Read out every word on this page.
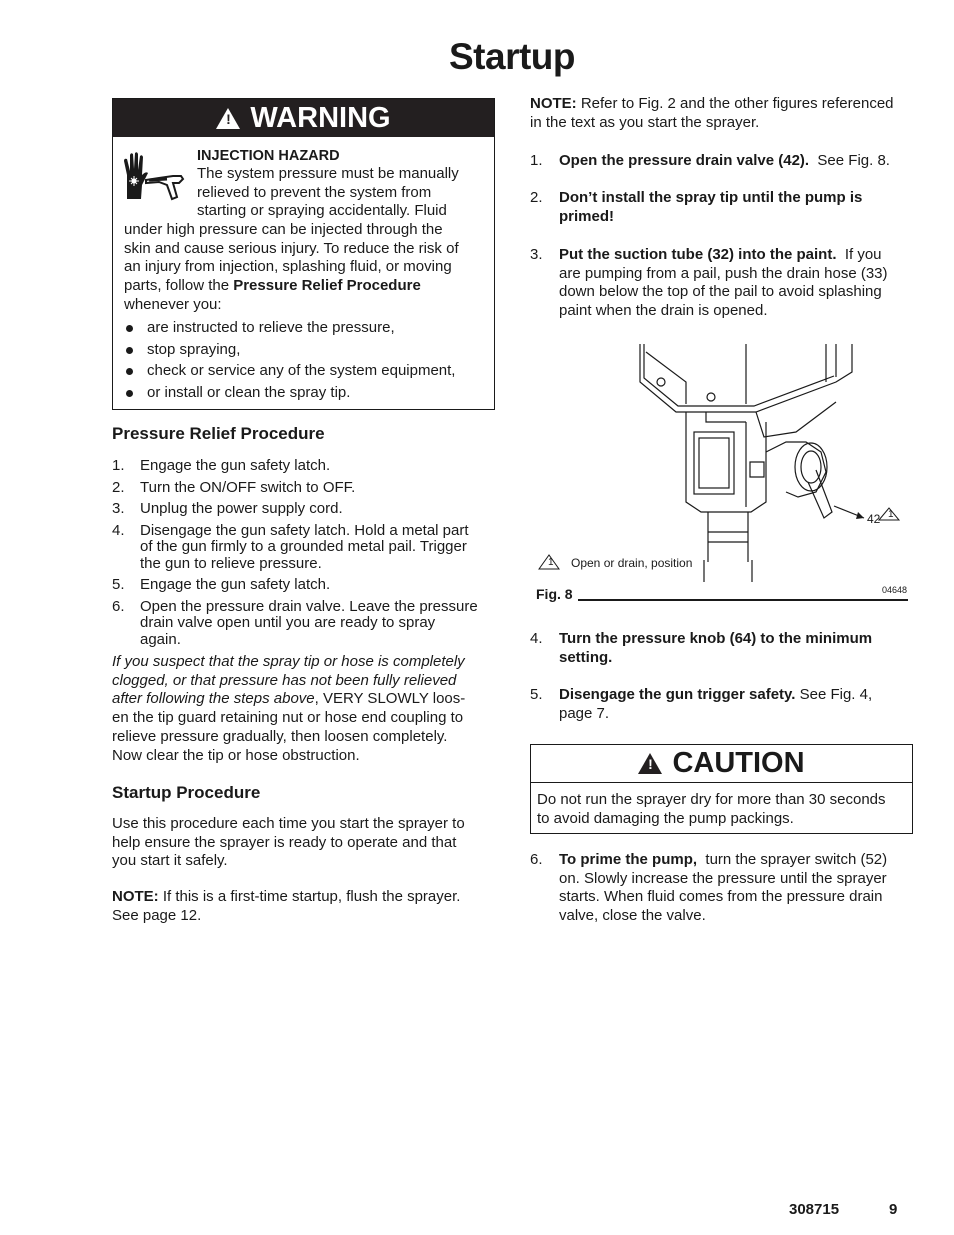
Startup
! WARNING
INJECTION HAZARD
The system pressure must be manually
relieved to prevent the system from
starting or spraying accidentally. Fluid
under high pressure can be injected through the
skin and cause serious injury. To reduce the risk of
an injury from injection, splashing fluid, or moving
parts, follow the Pressure Relief Procedure
whenever you:
are instructed to relieve the pressure,
stop spraying,
check or service any of the system equipment,
or install or clean the spray tip.
Pressure Relief Procedure
1. Engage the gun safety latch.
2. Turn the ON/OFF switch to OFF.
3. Unplug the power supply cord.
4. Disengage the gun safety latch. Hold a metal part
of the gun firmly to a grounded metal pail. Trigger
the gun to relieve pressure.
5. Engage the gun safety latch.
6. Open the pressure drain valve. Leave the pressure
drain valve open until you are ready to spray
again.
If you suspect that the spray tip or hose is completely
clogged, or that pressure has not been fully relieved
after following the steps above, VERY SLOWLY loos-
en the tip guard retaining nut or hose end coupling to
relieve pressure gradually, then loosen completely.
Now clear the tip or hose obstruction.
Startup Procedure
Use this procedure each time you start the sprayer to
help ensure the sprayer is ready to operate and that
you start it safely.
NOTE: If this is a first-time startup, flush the sprayer.
See page 12.
NOTE: Refer to Fig. 2 and the other figures referenced
in the text as you start the sprayer.
1. Open the pressure drain valve (42).  See Fig. 8.
2. Don’t install the spray tip until the pump is
primed!
3. Put the suction tube (32) into the paint.  If you
are pumping from a pail, push the drain hose (33)
down below the top of the pail to avoid splashing
paint when the drain is opened.
1
1
Open or drain, position
42
Fig. 8	04648
4. Turn the pressure knob (64) to the minimum
setting.
5. Disengage the gun trigger safety. See Fig. 4,
page 7.
! CAUTION
Do not run the sprayer dry for more than 30 seconds
to avoid damaging the pump packings.
6. To prime the pump,  turn the sprayer switch (52)
on. Slowly increase the pressure until the sprayer
starts. When fluid comes from the pressure drain
valve, close the valve.
308715	9
